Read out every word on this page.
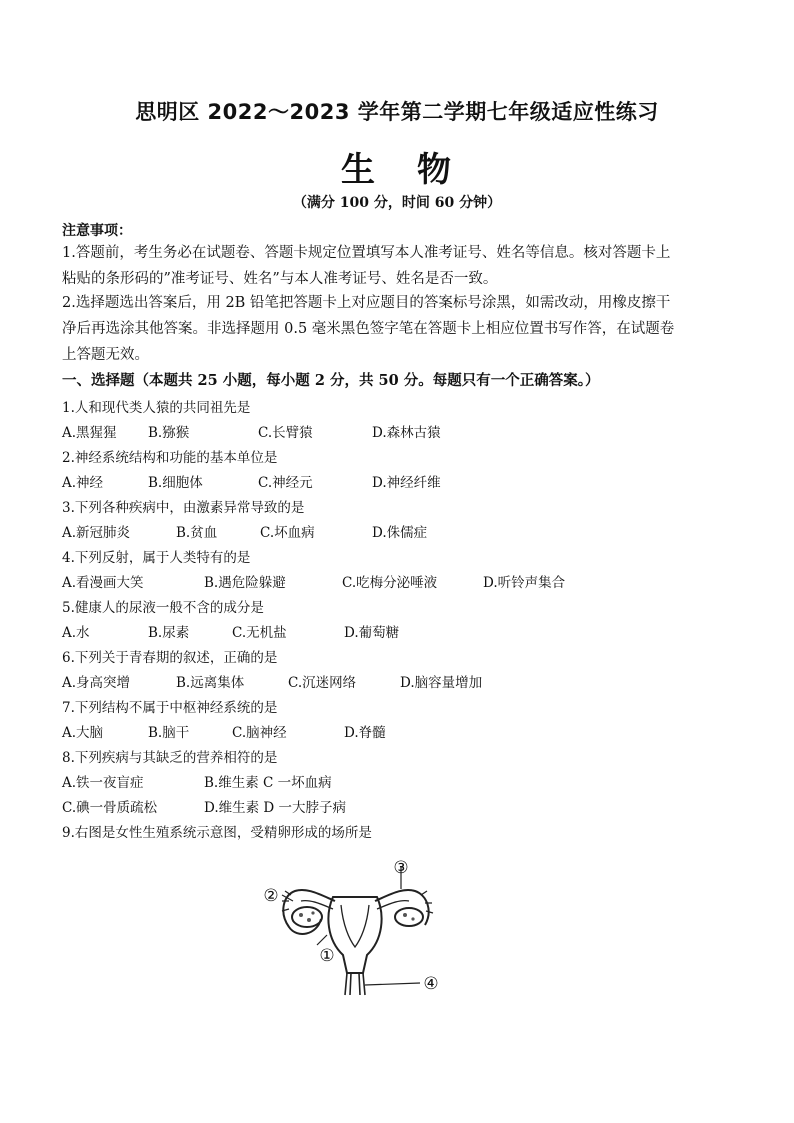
思明区 2022～2023 学年第二学期七年级适应性练习
生 物
（满分 100 分，时间 60 分钟）
注意事项：
1.答题前，考生务必在试题卷、答题卡规定位置填写本人准考证号、姓名等信息。核对答题卡上
粘贴的条形码的”准考证号、姓名”与本人准考证号、姓名是否一致。
2.选择题选出答案后，用 2B 铅笔把答题卡上对应题目的答案标号涂黑，如需改动，用橡皮擦干
净后再选涂其他答案。非选择题用 0.5 毫米黑色签字笔在答题卡上相应位置书写作答，在试题卷
上答题无效。
一、选择题（本题共 25 小题，每小题 2 分，共 50 分。每题只有一个正确答案。）
1.人和现代类人猿的共同祖先是
A.黑猩猩 B.猕猴	C.长臂猿	D.森林古猿
2.神经系统结构和功能的基本单位是
A.神经	B.细胞体	C.神经元	D.神经纤维
3.下列各种疾病中，由激素异常导致的是
A.新冠肺炎	B.贫血	C.坏血病	D.侏儒症
4.下列反射，属于人类特有的是
A.看漫画大笑	B.遇危险躲避	C.吃梅分泌唾液	D.听铃声集合
5.健康人的尿液一般不含的成分是
A.水	B.尿素	C.无机盐	D.葡萄糖
6.下列关于青春期的叙述，正确的是
A.身高突增	B.远离集体	C.沉迷网络	D.脑容量增加
7.下列结构不属于中枢神经系统的是
A.大脑	B.脑干	C.脑神经	D.脊髓
8.下列疾病与其缺乏的营养相符的是
A.铁一夜盲症	B.维生素 C 一坏血病
C.碘一骨质疏松	D.维生素 D 一大脖子病
9.右图是女性生殖系统示意图，受精卵形成的场所是
③
②
①
④
